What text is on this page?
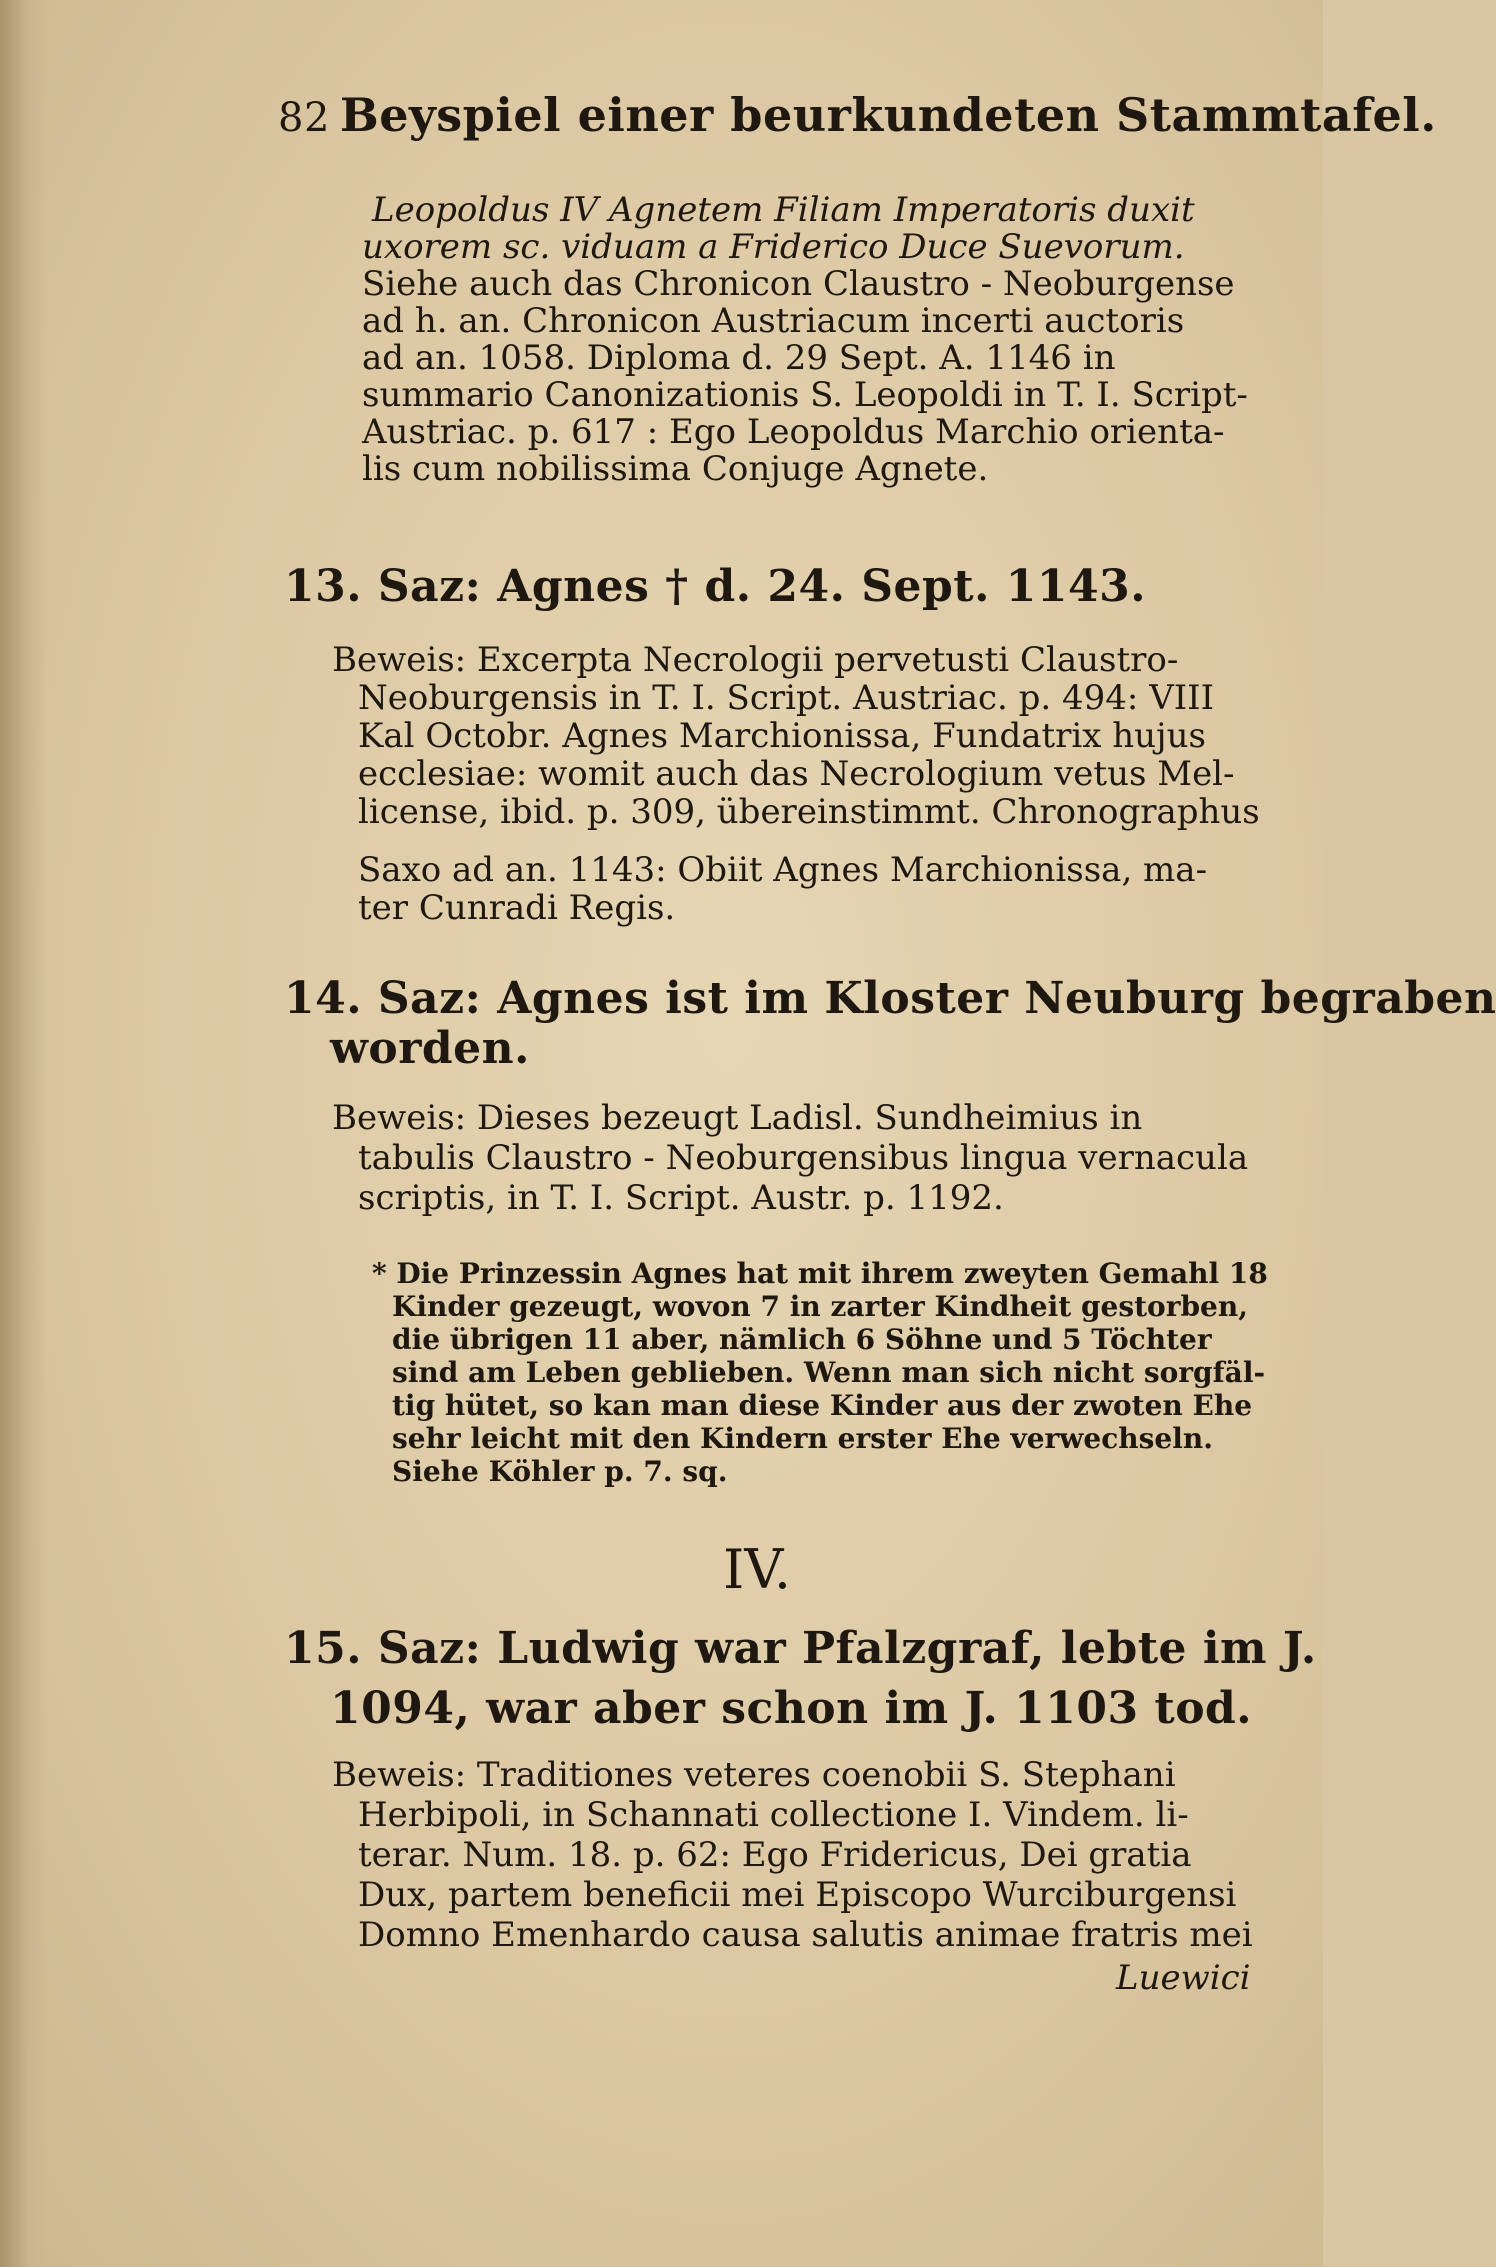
82 Beyspiel einer beurkundeten Stammtafel.
Leopoldus IV Agnetem Filiam Imperatoris duxit
uxorem sc. viduam a Friderico Duce Suevorum.
Siehe auch das Chronicon Claustro - Neoburgense
ad h. an. Chronicon Austriacum incerti auctoris
ad an. 1058. Diploma d. 29 Sept. A. 1146 in
summario Canonizationis S. Leopoldi in T. I. Script-
Austriac. p. 617 : Ego Leopoldus Marchio orienta-
lis cum nobilissima Conjuge Agnete.
13. Saz: Agnes † d. 24. Sept. 1143.
Beweis: Excerpta Necrologii pervetusti Claustro-
Neoburgensis in T. I. Script. Austriac. p. 494: VIII
Kal Octobr. Agnes Marchionissa, Fundatrix hujus
ecclesiae: womit auch das Necrologium vetus Mel-
license, ibid. p. 309, übereinstimmt. Chronographus
Saxo ad an. 1143: Obiit Agnes Marchionissa, ma-
ter Cunradi Regis.
14. Saz: Agnes ist im Kloster Neuburg begraben
worden.
Beweis: Dieses bezeugt Ladisl. Sundheimius in
tabulis Claustro - Neoburgensibus lingua vernacula
scriptis, in T. I. Script. Austr. p. 1192.
* Die Prinzessin Agnes hat mit ihrem zweyten Gemahl 18
Kinder gezeugt, wovon 7 in zarter Kindheit gestorben,
die übrigen 11 aber, nämlich 6 Söhne und 5 Töchter
sind am Leben geblieben. Wenn man sich nicht sorgfäl-
tig hütet, so kan man diese Kinder aus der zwoten Ehe
sehr leicht mit den Kindern erster Ehe verwechseln.
Siehe Köhler p. 7. sq.
IV.
15. Saz: Ludwig war Pfalzgraf, lebte im J.
1094, war aber schon im J. 1103 tod.
Beweis: Traditiones veteres coenobii S. Stephani
Herbipoli, in Schannati collectione I. Vindem. li-
terar. Num. 18. p. 62: Ego Fridericus, Dei gratia
Dux, partem beneficii mei Episcopo Wurciburgensi
Domno Emenhardo causa salutis animae fratris mei
Luewici
